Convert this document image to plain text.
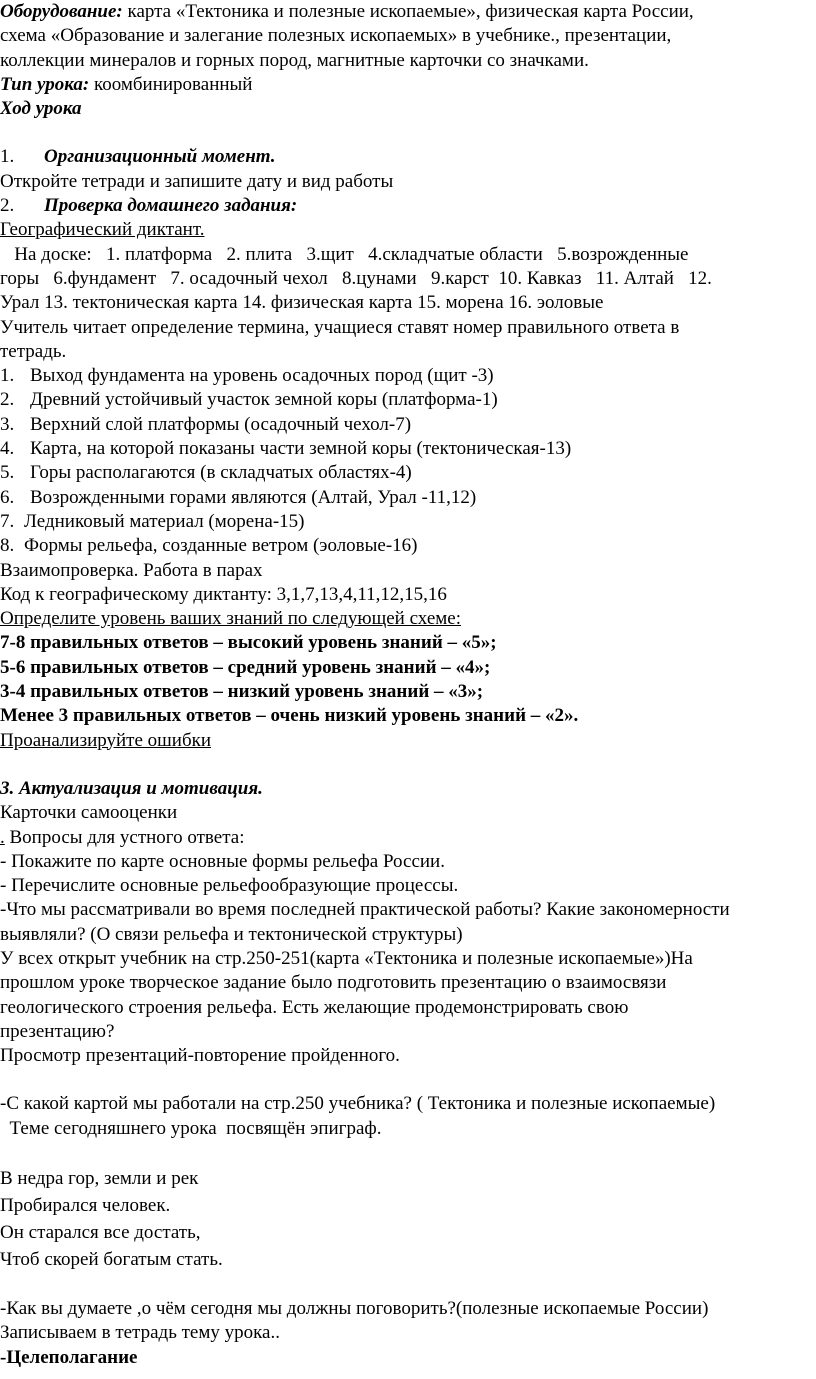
Оборудование: карта «Тектоника и полезные ископаемые», физическая карта России,
схема «Образование и залегание полезных ископаемых» в учебнике., презентации,
коллекции минералов и горных пород, магнитные карточки со значками.
Тип урока: коомбинированный
Ход урока
1. Организационный момент.
Откройте тетради и запишите дату и вид работы
2. Проверка домашнего задания:
Географический диктант.
На доске:   1. платформа   2. плита   3.щит   4.складчатые области   5.возрожденные
горы   6.фундамент   7. осадочный чехол   8.цунами   9.карст  10. Кавказ   11. Алтай   12.
Урал 13. тектоническая карта 14. физическая карта 15. морена 16. эоловые
Учитель читает определение термина, учащиеся ставят номер правильного ответа в
тетрадь.
1. Выход фундамента на уровень осадочных пород (щит -3)
2. Древний устойчивый участок земной коры (платформа-1)
3. Верхний слой платформы (осадочный чехол-7)
4. Карта, на которой показаны части земной коры (тектоническая-13)
5. Горы располагаются (в складчатых областях-4)
6. Возрожденными горами являются (Алтай, Урал -11,12)
7. Ледниковый материал (морена-15)
8. Формы рельефа, созданные ветром (эоловые-16)
Взаимопроверка. Работа в парах
Код к географическому диктанту: 3,1,7,13,4,11,12,15,16
Определите уровень ваших знаний по следующей схеме:
7-8 правильных ответов – высокий уровень знаний – «5»;
5-6 правильных ответов – средний уровень знаний – «4»;
3-4 правильных ответов – низкий уровень знаний – «3»;
Менее 3 правильных ответов – очень низкий уровень знаний – «2».
Проанализируйте ошибки
3. Актуализация и мотивация.
Карточки самооценки
. Вопросы для устного ответа:
- Покажите по карте основные формы рельефа России.
- Перечислите основные рельефообразующие процессы.
-Что мы рассматривали во время последней практической работы? Какие закономерности
выявляли? (О связи рельефа и тектонической структуры)
У всех открыт учебник на стр.250-251(карта «Тектоника и полезные ископаемые»)На
прошлом уроке творческое задание было подготовить презентацию о взаимосвязи
геологического строения рельефа. Есть желающие продемонстрировать свою
презентацию?
Просмотр презентаций-повторение пройденного.
-С какой картой мы работали на стр.250 учебника? ( Тектоника и полезные ископаемые)
Теме сегодняшнего урока  посвящён эпиграф.
В недра гор, земли и рек
Пробирался человек.
Он старался все достать,
Чтоб скорей богатым стать.
-Как вы думаете ,о чём сегодня мы должны поговорить?(полезные ископаемые России)
Записываем в тетрадь тему урока..
-Целеполагание
